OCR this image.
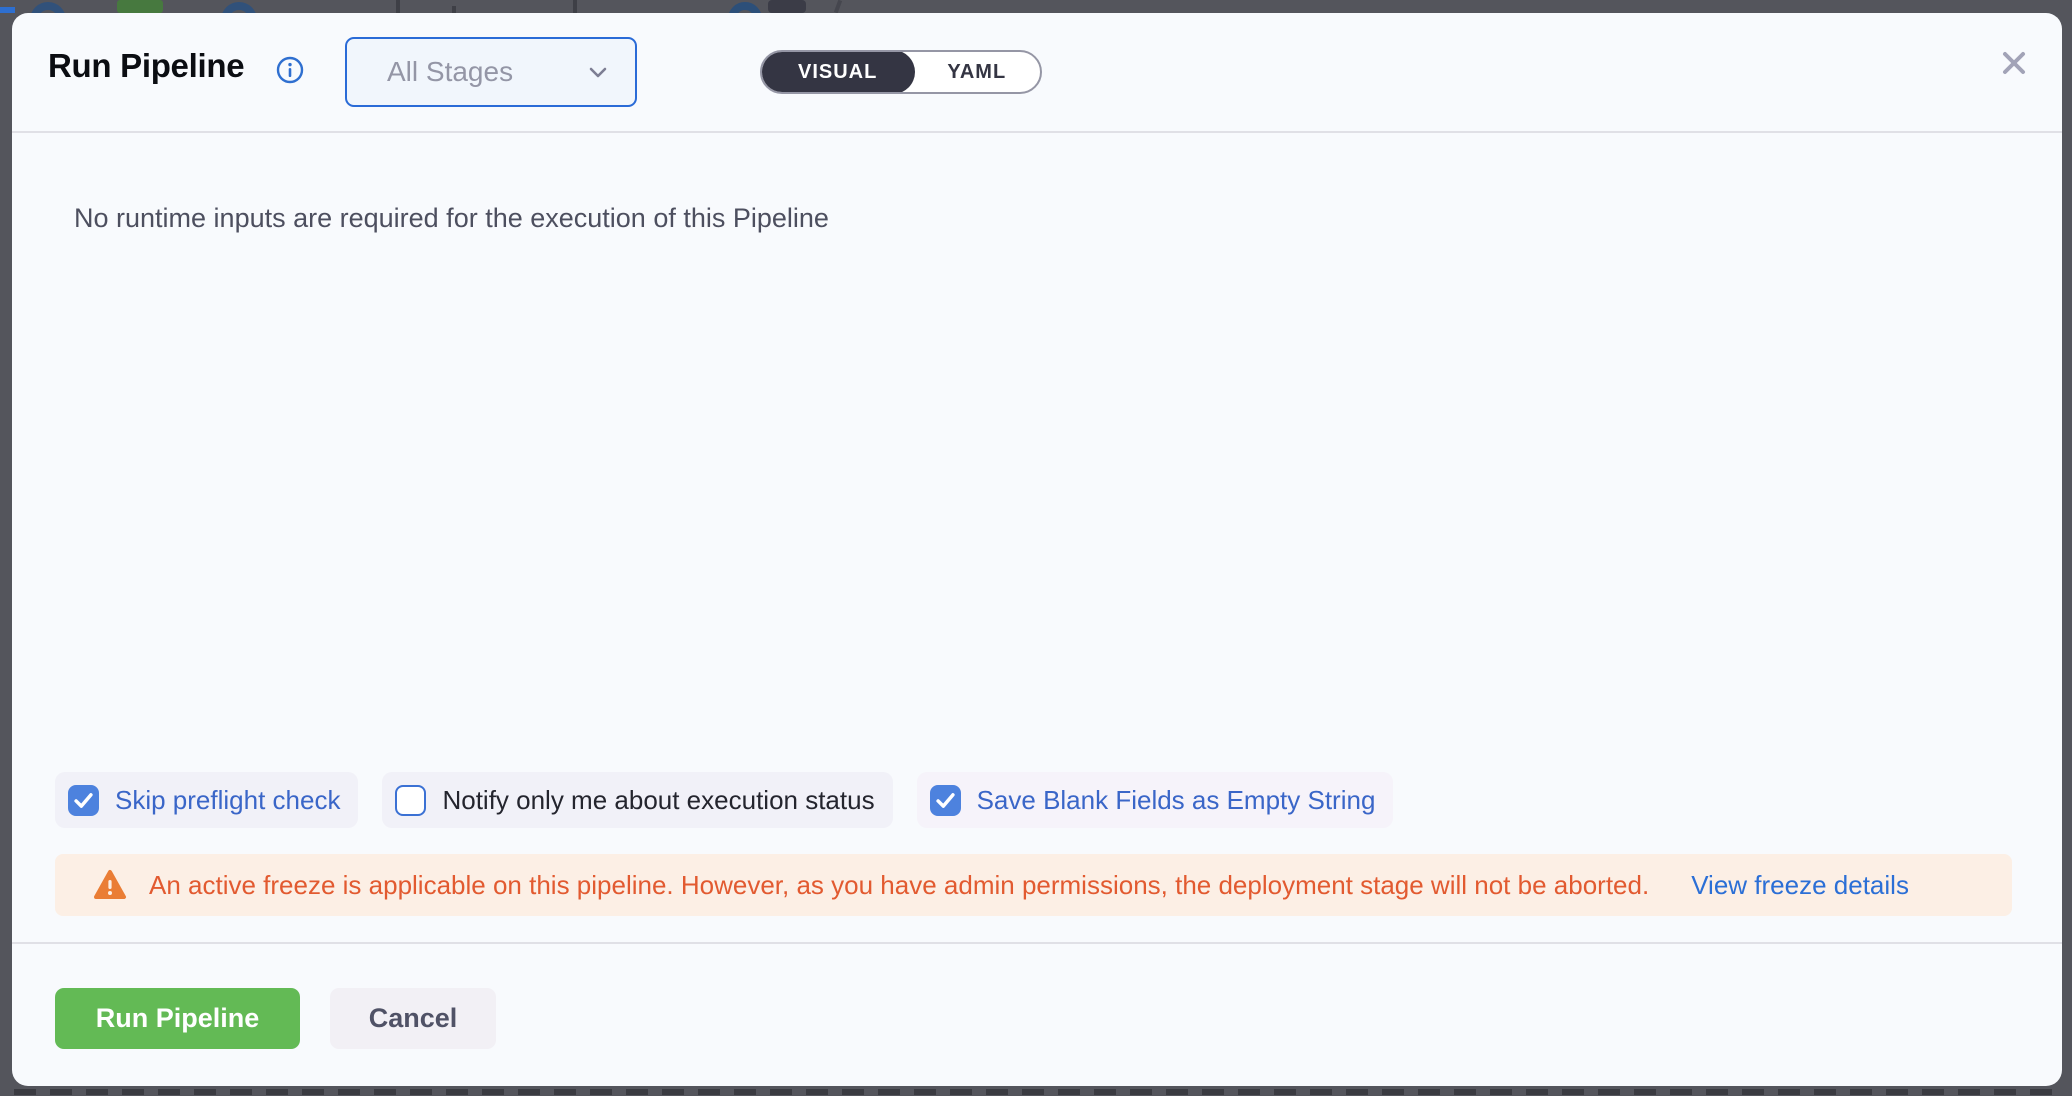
Run Pipeline	All Stages	VISUAL	YAML
No runtime inputs are required for the execution of this Pipeline
Skip preflight check	Notify only me about execution status	Save Blank Fields as Empty String
An active freeze is applicable on this pipeline. However, as you have admin permissions, the deployment stage will not be aborted. View freeze details
Run Pipeline	Cancel
